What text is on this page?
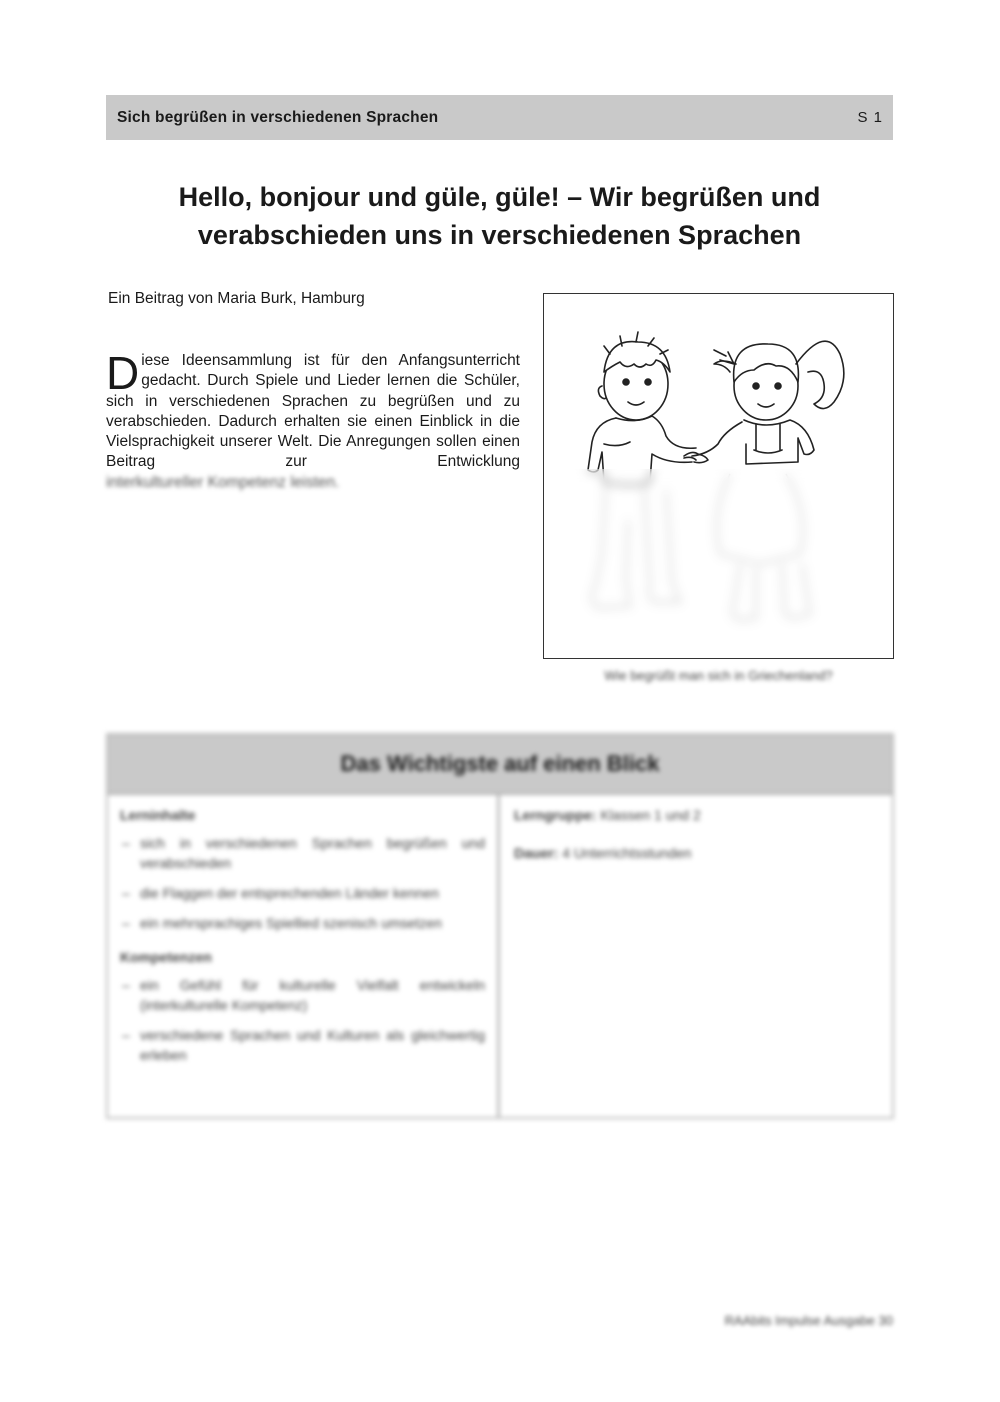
Sich begrüßen in verschiedenen Sprachen	S 1
Hello, bonjour und güle, güle! – Wir begrüßen und verabschieden uns in verschiedenen Sprachen

Ein Beitrag von Maria Burk, Hamburg

Diese Ideensammlung ist für den Anfangsunterricht gedacht. Durch Spiele und Lieder lernen die Schüler, sich in verschiedenen Sprachen zu begrüßen und zu verabschieden. Dadurch erhalten sie einen Einblick in die Vielsprachigkeit unserer Welt. Die Anregungen sollen einen Beitrag zur Entwicklung

interkultureller Kompetenz leisten.

Wie begrüßt man sich in Griechenland?

Das Wichtigste auf einen Blick
Lerninhalte
– sich in verschiedenen Sprachen begrüßen und verabschieden
– die Flaggen der entsprechenden Länder kennen
– ein mehrsprachiges Spiellied szenisch umsetzen
Kompetenzen
– ein Gefühl für kulturelle Vielfalt entwickeln (interkulturelle Kompetenz)
– verschiedene Sprachen und Kulturen als gleichwertig erleben

Lerngruppe: Klassen 1 und 2

Dauer: 4 Unterrichtsstunden

RAAbits Impulse Ausgabe 30
